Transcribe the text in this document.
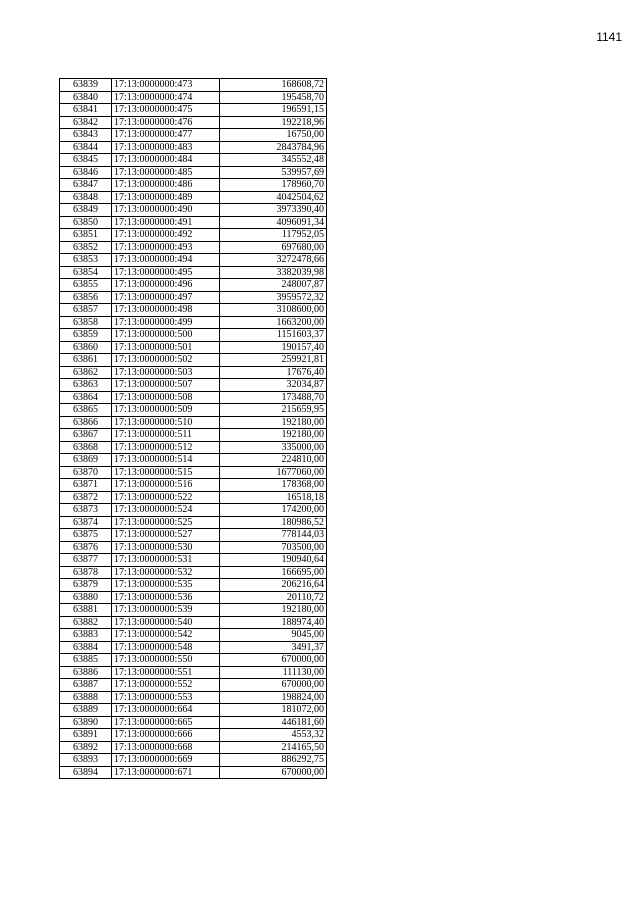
1141
63839	17:13:0000000:473	168608,72
63840	17:13:0000000:474	195458,70
63841	17:13:0000000:475	196591,15
63842	17:13:0000000:476	192218,96
63843	17:13:0000000:477	16750,00
63844	17:13:0000000:483	2843784,96
63845	17:13:0000000:484	345552,48
63846	17:13:0000000:485	539957,69
63847	17:13:0000000:486	178960,70
63848	17:13:0000000:489	4042504,62
63849	17:13:0000000:490	3973390,40
63850	17:13:0000000:491	4096091,34
63851	17:13:0000000:492	117952,05
63852	17:13:0000000:493	697680,00
63853	17:13:0000000:494	3272478,66
63854	17:13:0000000:495	3382039,98
63855	17:13:0000000:496	248007,87
63856	17:13:0000000:497	3959572,32
63857	17:13:0000000:498	3108600,00
63858	17:13:0000000:499	1663200,00
63859	17:13:0000000:500	1151603,37
63860	17:13:0000000:501	190157,40
63861	17:13:0000000:502	259921,81
63862	17:13:0000000:503	17676,40
63863	17:13:0000000:507	32034,87
63864	17:13:0000000:508	173488,70
63865	17:13:0000000:509	215659,95
63866	17:13:0000000:510	192180,00
63867	17:13:0000000:511	192180,00
63868	17:13:0000000:512	335000,00
63869	17:13:0000000:514	224810,00
63870	17:13:0000000:515	1677060,00
63871	17:13:0000000:516	178368,00
63872	17:13:0000000:522	16518,18
63873	17:13:0000000:524	174200,00
63874	17:13:0000000:525	180986,52
63875	17:13:0000000:527	778144,03
63876	17:13:0000000:530	703500,00
63877	17:13:0000000:531	190940,64
63878	17:13:0000000:532	166695,00
63879	17:13:0000000:535	206216,64
63880	17:13:0000000:536	20110,72
63881	17:13:0000000:539	192180,00
63882	17:13:0000000:540	188974,40
63883	17:13:0000000:542	9045,00
63884	17:13:0000000:548	3491,37
63885	17:13:0000000:550	670000,00
63886	17:13:0000000:551	111130,00
63887	17:13:0000000:552	670000,00
63888	17:13:0000000:553	198824,00
63889	17:13:0000000:664	181072,00
63890	17:13:0000000:665	446181,60
63891	17:13:0000000:666	4553,32
63892	17:13:0000000:668	214165,50
63893	17:13:0000000:669	886292,75
63894	17:13:0000000:671	670000,00
